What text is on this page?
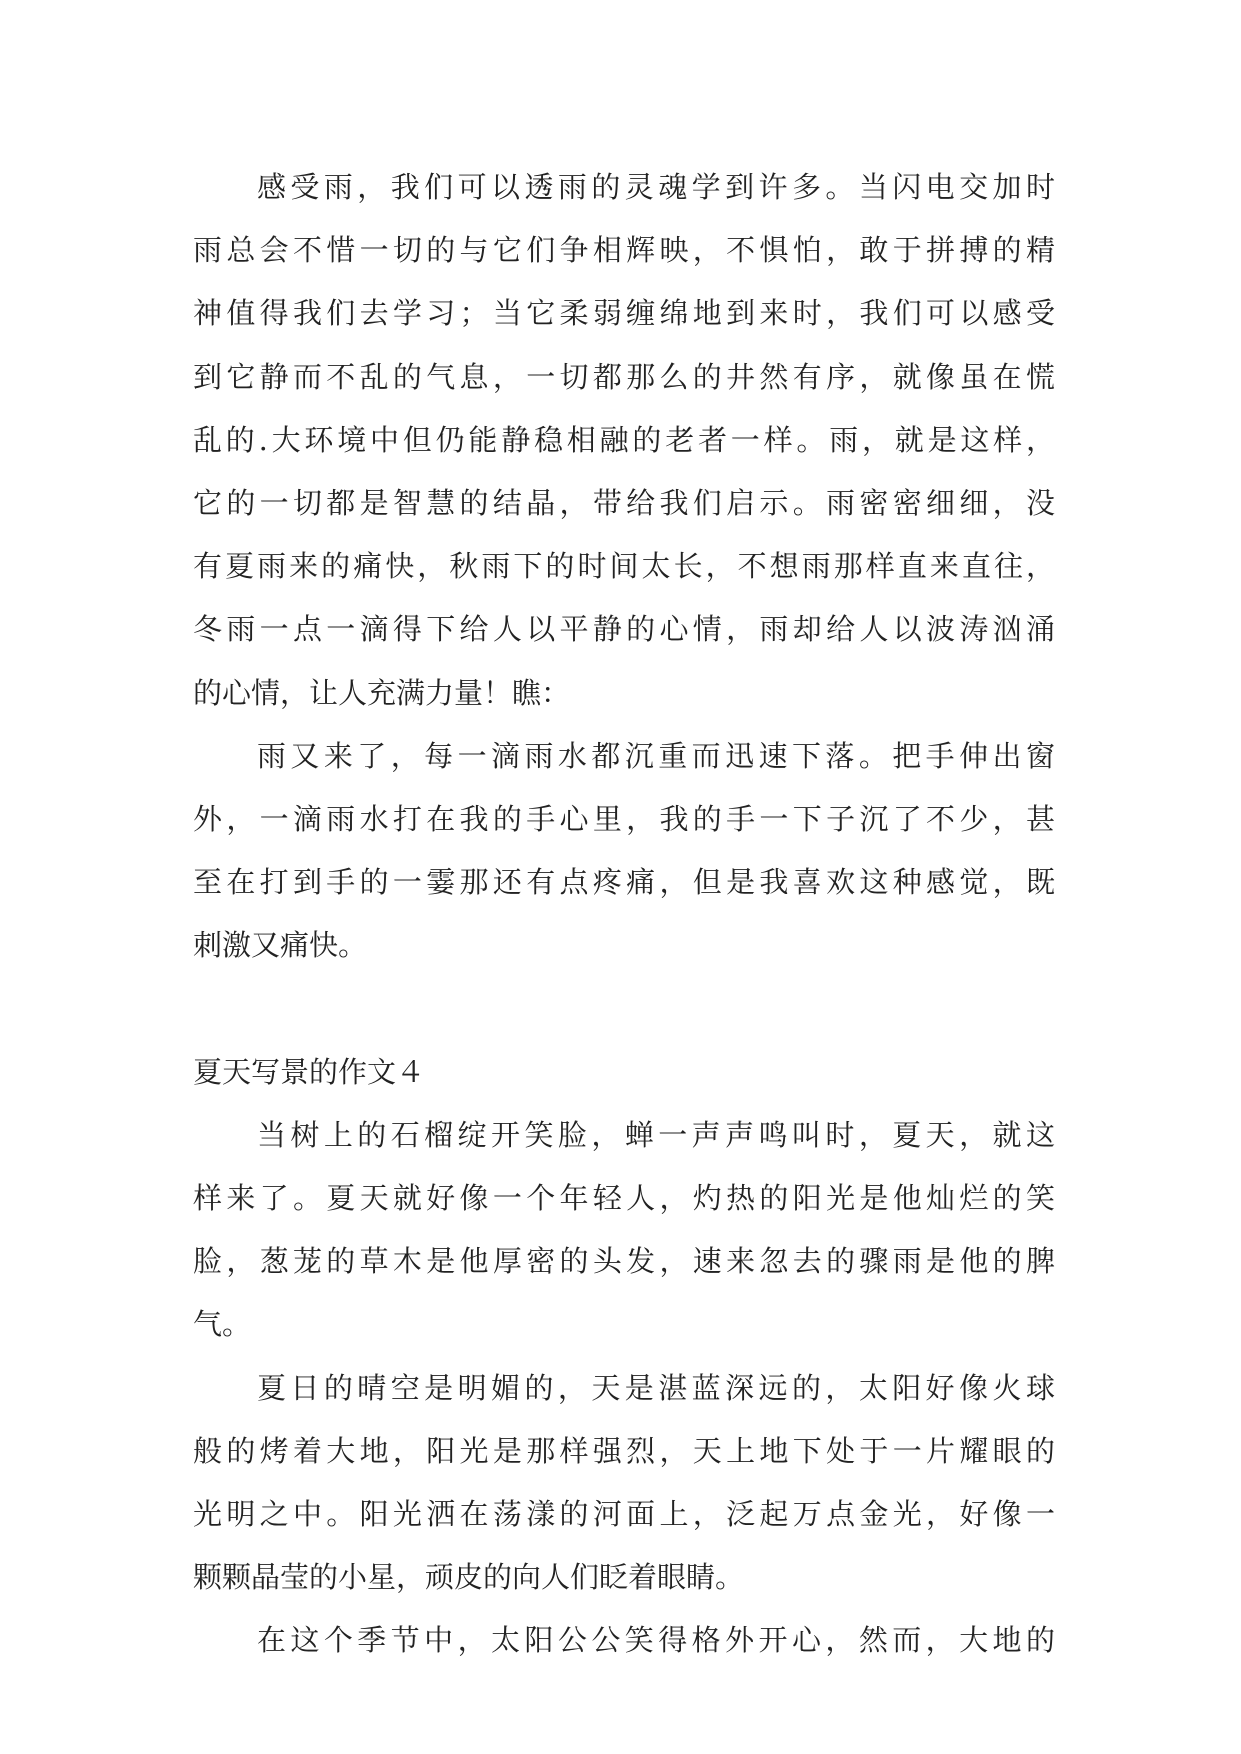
感受雨，我们可以透雨的灵魂学到许多。当闪电交加时
雨总会不惜一切的与它们争相辉映，不惧怕，敢于拼搏的精
神值得我们去学习；当它柔弱缠绵地到来时，我们可以感受
到它静而不乱的气息，一切都那么的井然有序，就像虽在慌
乱的.大环境中但仍能静稳相融的老者一样。雨，就是这样，
它的一切都是智慧的结晶，带给我们启示。雨密密细细，没
有夏雨来的痛快，秋雨下的时间太长，不想雨那样直来直往，
冬雨一点一滴得下给人以平静的心情，雨却给人以波涛汹涌
的心情，让人充满力量！瞧：
雨又来了，每一滴雨水都沉重而迅速下落。把手伸出窗
外，一滴雨水打在我的手心里，我的手一下子沉了不少，甚
至在打到手的一霎那还有点疼痛，但是我喜欢这种感觉，既
刺激又痛快。
夏天写景的作文４
当树上的石榴绽开笑脸，蝉一声声鸣叫时，夏天，就这
样来了。夏天就好像一个年轻人，灼热的阳光是他灿烂的笑
脸，葱茏的草木是他厚密的头发，速来忽去的骤雨是他的脾
气。
夏日的晴空是明媚的，天是湛蓝深远的，太阳好像火球
般的烤着大地，阳光是那样强烈，天上地下处于一片耀眼的
光明之中。阳光洒在荡漾的河面上，泛起万点金光，好像一
颗颗晶莹的小星，顽皮的向人们眨着眼睛。
在这个季节中，太阳公公笑得格外开心，然而，大地的
